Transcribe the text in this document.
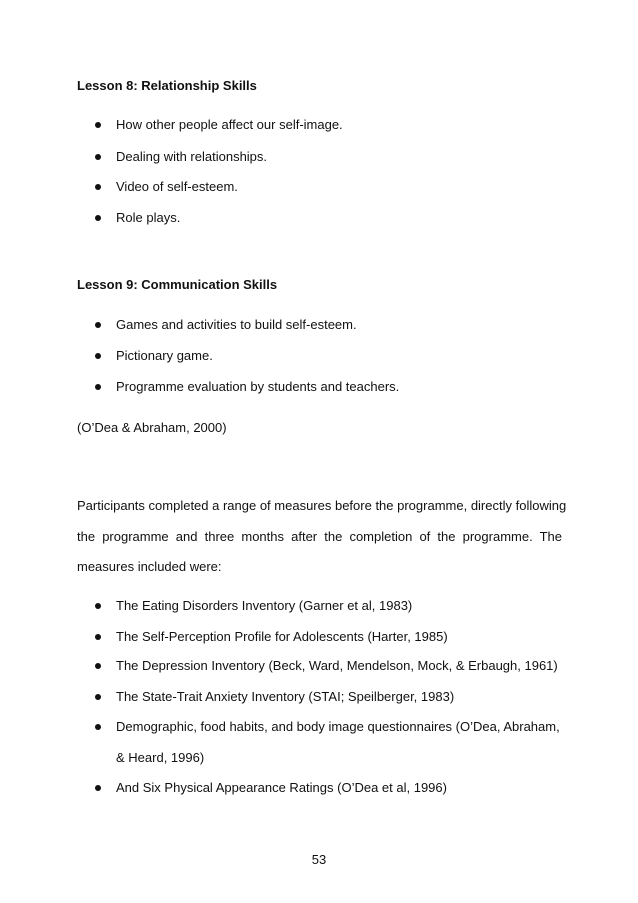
Lesson 8: Relationship Skills
How other people affect our self-image.
Dealing with relationships.
Video of self-esteem.
Role plays.
Lesson 9: Communication Skills
Games and activities to build self-esteem.
Pictionary game.
Programme evaluation by students and teachers.
(O’Dea & Abraham, 2000)
Participants completed a range of measures before the programme, directly following
the programme and three months after the completion of the programme. The
measures included were:
The Eating Disorders Inventory (Garner et al, 1983)
The Self-Perception Profile for Adolescents (Harter, 1985)
The Depression Inventory (Beck, Ward, Mendelson, Mock, & Erbaugh, 1961)
The State-Trait Anxiety Inventory (STAI; Speilberger, 1983)
Demographic, food habits, and body image questionnaires (O’Dea, Abraham,
& Heard, 1996)
And Six Physical Appearance Ratings (O’Dea et al, 1996)
53
